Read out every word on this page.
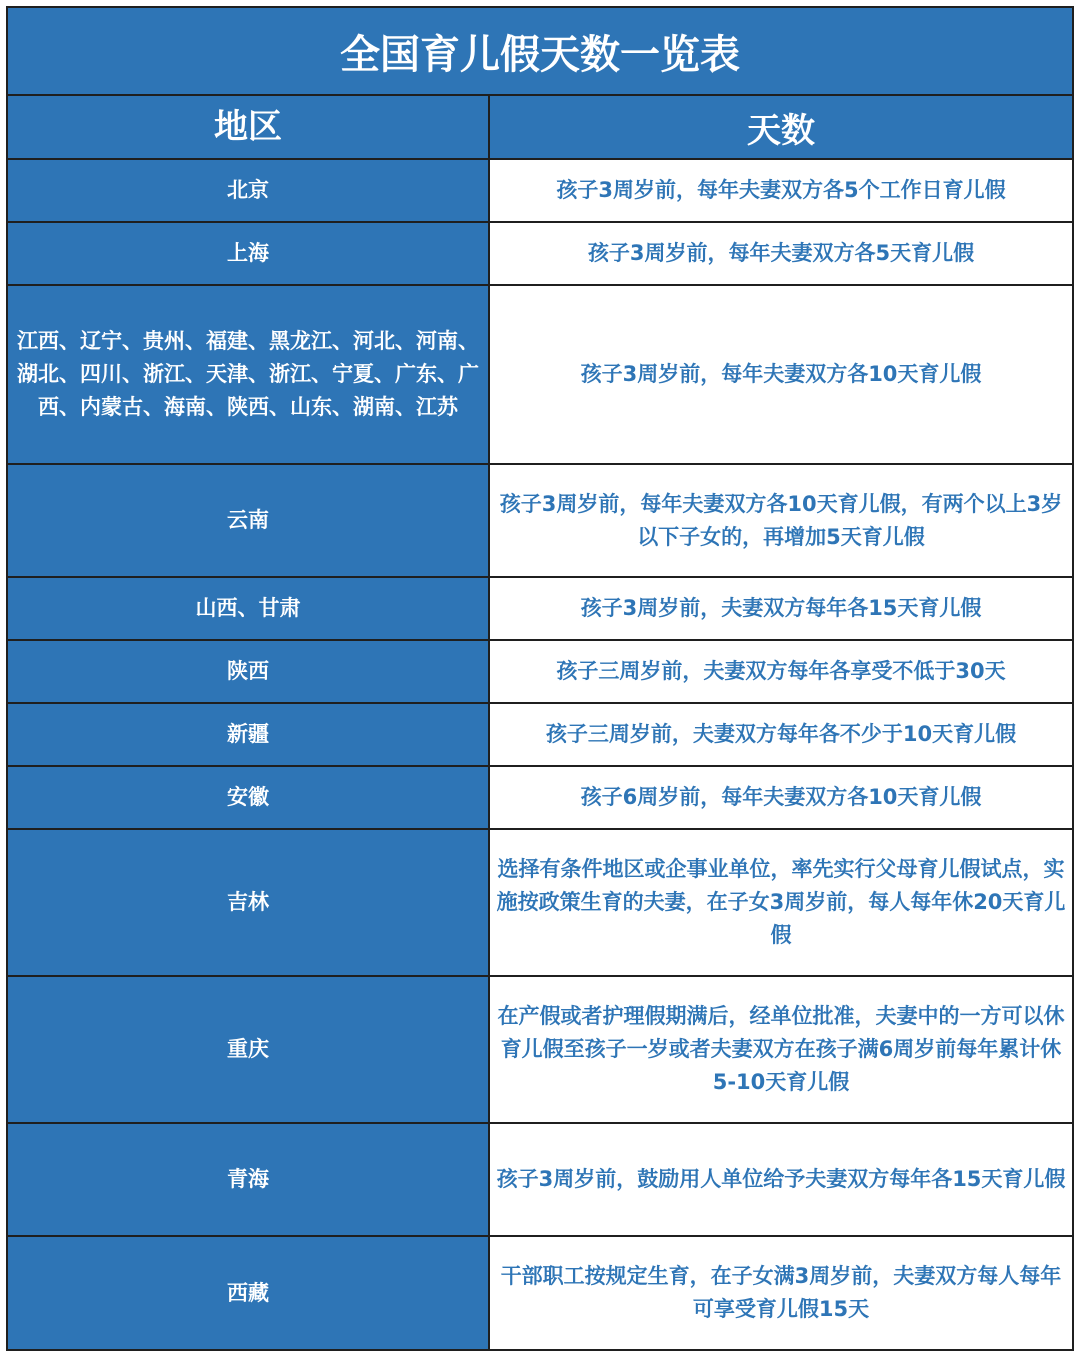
全国育儿假天数一览表
地区	天数
北京	孩子3周岁前，每年夫妻双方各5个工作日育儿假
上海	孩子3周岁前，每年夫妻双方各5天育儿假
江西、辽宁、贵州、福建、黑龙江、河北、河南、湖北、四川、浙江、天津、浙江、宁夏、广东、广西、内蒙古、海南、陕西、山东、湖南、江苏	孩子3周岁前，每年夫妻双方各10天育儿假
云南	孩子3周岁前，每年夫妻双方各10天育儿假，有两个以上3岁以下子女的，再增加5天育儿假
山西、甘肃	孩子3周岁前，夫妻双方每年各15天育儿假
陕西	孩子三周岁前，夫妻双方每年各享受不低于30天
新疆	孩子三周岁前，夫妻双方每年各不少于10天育儿假
安徽	孩子6周岁前，每年夫妻双方各10天育儿假
吉林	选择有条件地区或企事业单位，率先实行父母育儿假试点，实施按政策生育的夫妻，在子女3周岁前，每人每年休20天育儿假
重庆	在产假或者护理假期满后，经单位批准，夫妻中的一方可以休育儿假至孩子一岁或者夫妻双方在孩子满6周岁前每年累计休5-10天育儿假
青海	孩子3周岁前，鼓励用人单位给予夫妻双方每年各15天育儿假
西藏	干部职工按规定生育，在子女满3周岁前，夫妻双方每人每年可享受育儿假15天
